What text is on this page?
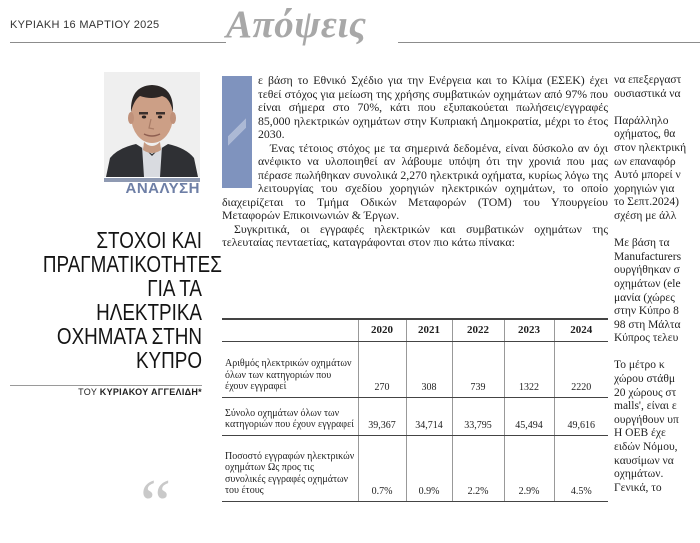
ΚΥΡΙΑΚΗ 16 ΜΑΡΤΙΟΥ 2025 Απόψεις
ΑΝΑΛΥΣΗ
ΣΤΟΧΟΙ ΚΑΙ
ΠΡΑΓΜΑΤΙΚΟΤΗΤΕΣ
ΓΙΑ ΤΑ ΗΛΕΚΤΡΙΚΑ
ΟΧΗΜΑΤΑ ΣΤΗΝ
ΚΥΠΡΟ
ΤΟΥ ΚΥΡΙΑΚΟΥ ΑΓΓΕΛΙΔΗ*
“

ε βάση το Εθνικό Σχέδιο για την Ενέργεια και το Κλίμα (ΕΣΕΚ) έχει τεθεί στόχος για μείωση της χρήσης συμβατικών οχημάτων από 97% που είναι σήμερα στο 70%, κάτι που εξυπακούεται πωλήσεις/εγγραφές 85,000 ηλεκτρικών οχημάτων στην Κυπριακή Δημοκρατία, μέχρι το έτος 2030.

Ένας τέτοιος στόχος με τα σημερινά δεδομένα, είναι δύσκολο αν όχι ανέφικτο να υλοποιηθεί αν λάβουμε υπόψη ότι την χρονιά που μας πέρασε πωλήθηκαν συνολικά 2,270 ηλεκτρικά οχήματα, κυρίως λόγω της λειτουργίας του σχεδίου χορηγιών ηλεκτρικών οχημάτων, το οποίο διαχειρίζεται το Τμήμα Οδικών Μεταφορών (ΤΟΜ) του Υπουργείου Μεταφορών Επικοινωνιών & Έργων.

Συγκριτικά, οι εγγραφές ηλεκτρικών και συμβατικών οχημάτων της τελευταίας πενταετίας, καταγράφονται στον πιο κάτω πίνακα:

	2020	2021	2022	2023	2024
Αριθμός ηλεκτρικών οχημάτων όλων των κατηγοριών που έχουν εγγραφεί	270	308	739	1322	2220
Σύνολο οχημάτων όλων των κατηγοριών που έχουν εγγραφεί	39,367	34,714	33,795	45,494	49,616
Ποσοστό εγγραφών ηλεκτρικών οχημάτων Ως προς τις συνολικές εγγραφές οχημάτων του έτους	0.7%	0.9%	2.2%	2.9%	4.5%
να επεξεργαστ
ουσιαστικά να
Παράλληλο
οχήματος, θα
στον ηλεκτρική
ων επαναφόρ
Αυτό μπορεί ν
χορηγιών για
το Σεπτ.2024)
σχέση με άλλ
Με βάση τα
Manufacturers
ουργήθηκαν σ
οχημάτων (ele
μανία (χώρες
στην Κύπρο 8
98 στη Μάλτα
Κύπρος τελευ
Το μέτρο κ
χώρου στάθμ
20 χώρους στ
malls', είναι ε
ουργήθουν υπ
Η ΟΕΒ έχε
ειδών Νόμου,
καυσίμων να
οχημάτων.
Γενικά, το
